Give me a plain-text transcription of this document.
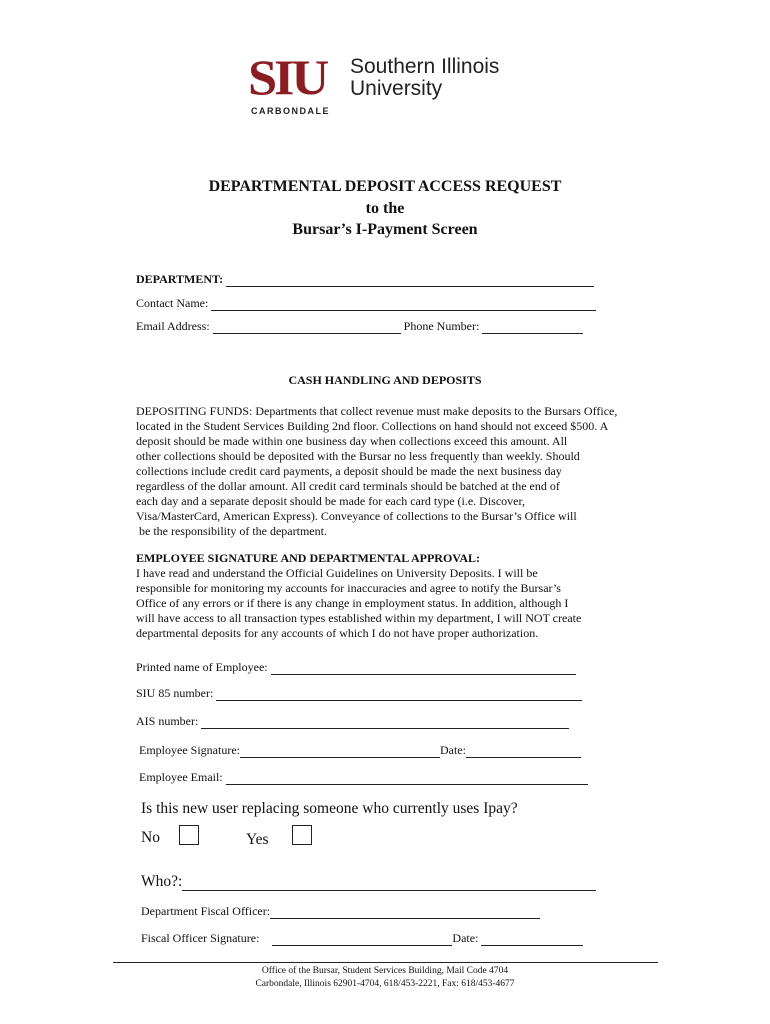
SIU
CARBONDALE
Southern Illinois
University
DEPARTMENTAL DEPOSIT ACCESS REQUEST
to the
Bursar’s I-Payment Screen
DEPARTMENT:
Contact Name:
Email Address:	Phone Number:
CASH HANDLING AND DEPOSITS
DEPOSITING FUNDS: Departments that collect revenue must make deposits to the Bursars Office,
located in the Student Services Building 2nd floor. Collections on hand should not exceed $500. A
deposit should be made within one business day when collections exceed this amount. All
other collections should be deposited with the Bursar no less frequently than weekly. Should
collections include credit card payments, a deposit should be made the next business day
regardless of the dollar amount. All credit card terminals should be batched at the end of
each day and a separate deposit should be made for each card type (i.e. Discover,
Visa/MasterCard, American Express). Conveyance of collections to the Bursar’s Office will
be the responsibility of the department.
EMPLOYEE SIGNATURE AND DEPARTMENTAL APPROVAL:
I have read and understand the Official Guidelines on University Deposits. I will be
responsible for monitoring my accounts for inaccuracies and agree to notify the Bursar’s
Office of any errors or if there is any change in employment status. In addition, although I
will have access to all transaction types established within my department, I will NOT create
departmental deposits for any accounts of which I do not have proper authorization.
Printed name of Employee:
SIU 85 number:
AIS number:
Employee Signature:	Date:
Employee Email:
Is this new user replacing someone who currently uses Ipay?
No	Yes
Who?:
Department Fiscal Officer:
Fiscal Officer Signature:	Date:
Office of the Bursar, Student Services Building, Mail Code 4704
Carbondale, Illinois 62901-4704, 618/453-2221, Fax: 618/453-4677
